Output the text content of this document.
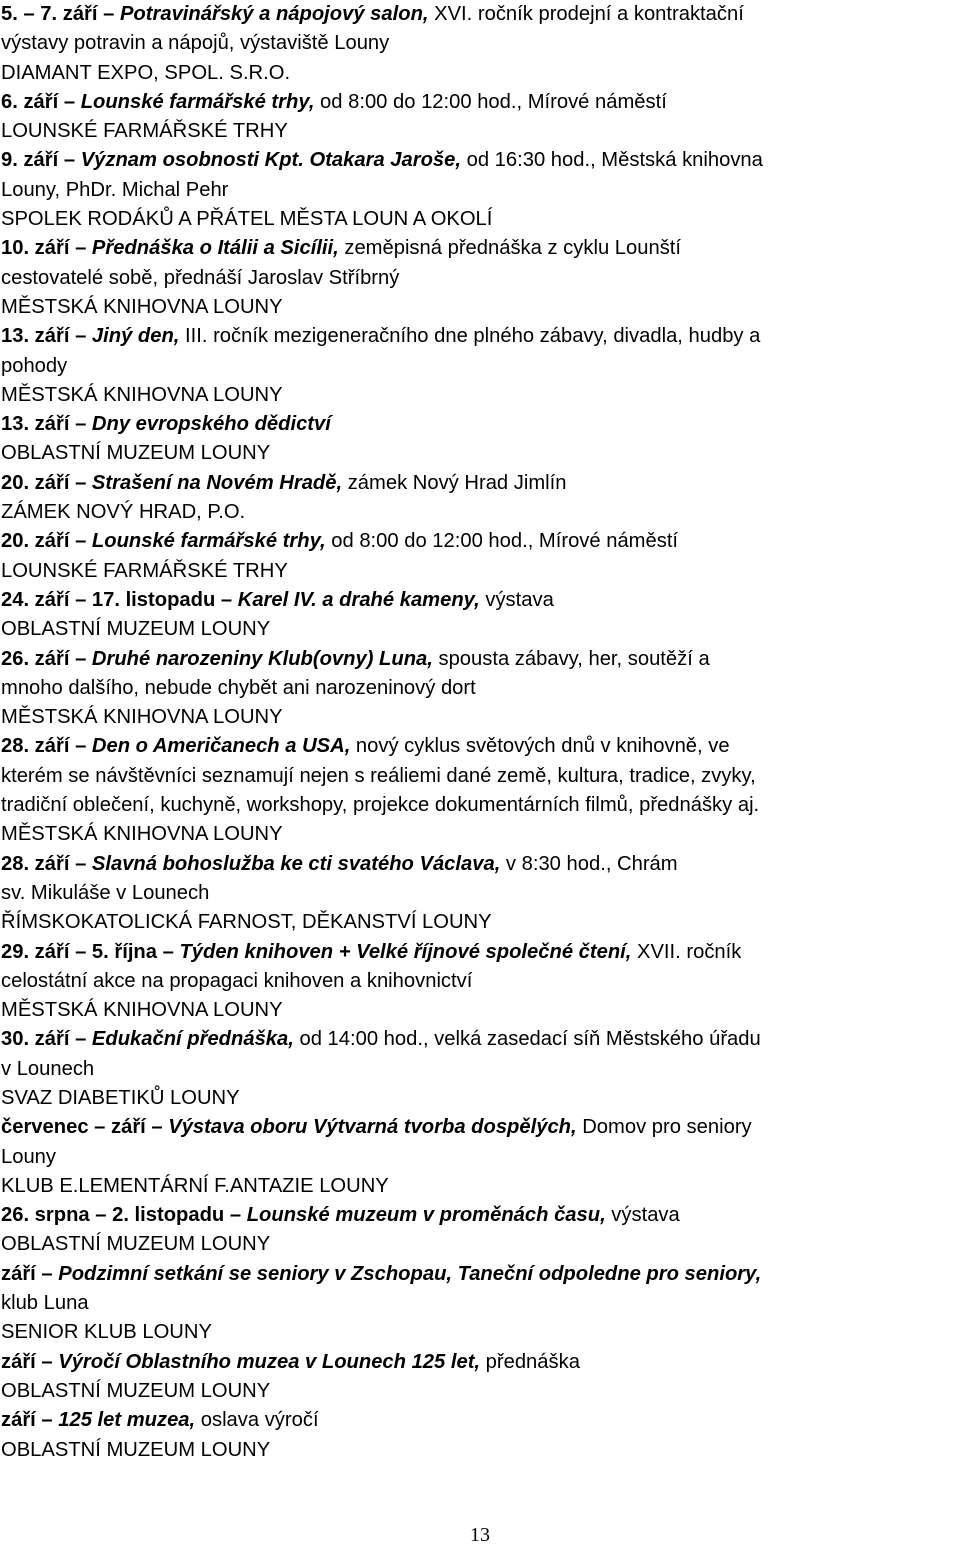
5. – 7. září – Potravinářský a nápojový salon, XVI. ročník prodejní a kontraktační
výstavy potravin a nápojů, výstaviště Louny
DIAMANT EXPO, SPOL. S.R.O.
6. září – Lounské farmářské trhy, od 8:00 do 12:00 hod., Mírové náměstí
LOUNSKÉ FARMÁŘSKÉ TRHY
9. září – Význam osobnosti Kpt. Otakara Jaroše, od 16:30 hod., Městská knihovna
Louny, PhDr. Michal Pehr
SPOLEK RODÁKŮ A PŘÁTEL MĚSTA LOUN A OKOLÍ
10. září – Přednáška o Itálii a Sicílii, zeměpisná přednáška z cyklu Lounští
cestovatelé sobě, přednáší Jaroslav Stříbrný
MĚSTSKÁ KNIHOVNA LOUNY
13. září – Jiný den, III. ročník mezigeneračního dne plného zábavy, divadla, hudby a
pohody
MĚSTSKÁ KNIHOVNA LOUNY
13. září – Dny evropského dědictví
OBLASTNÍ MUZEUM LOUNY
20. září – Strašení na Novém Hradě, zámek Nový Hrad Jimlín
ZÁMEK NOVÝ HRAD, P.O.
20. září – Lounské farmářské trhy, od 8:00 do 12:00 hod., Mírové náměstí
LOUNSKÉ FARMÁŘSKÉ TRHY
24. září – 17. listopadu – Karel IV. a drahé kameny, výstava
OBLASTNÍ MUZEUM LOUNY
26. září – Druhé narozeniny Klub(ovny) Luna, spousta zábavy, her, soutěží a
mnoho dalšího, nebude chybět ani narozeninový dort
MĚSTSKÁ KNIHOVNA LOUNY
28. září – Den o Američanech a USA, nový cyklus světových dnů v knihovně, ve
kterém se návštěvníci seznamují nejen s reáliemi dané země, kultura, tradice, zvyky,
tradiční oblečení, kuchyně, workshopy, projekce dokumentárních filmů, přednášky aj.
MĚSTSKÁ KNIHOVNA LOUNY
28. září – Slavná bohoslužba ke cti svatého Václava, v 8:30 hod., Chrám
sv. Mikuláše v Lounech
ŘÍMSKOKATOLICKÁ FARNOST, DĚKANSTVÍ LOUNY
29. září – 5. října – Týden knihoven + Velké říjnové společné čtení, XVII. ročník
celostátní akce na propagaci knihoven a knihovnictví
MĚSTSKÁ KNIHOVNA LOUNY
30. září – Edukační přednáška, od 14:00 hod., velká zasedací síň Městského úřadu
v Lounech
SVAZ DIABETIKŮ LOUNY
červenec – září – Výstava oboru Výtvarná tvorba dospělých, Domov pro seniory
Louny
KLUB E.LEMENTÁRNÍ F.ANTAZIE LOUNY
26. srpna – 2. listopadu – Lounské muzeum v proměnách času, výstava
OBLASTNÍ MUZEUM LOUNY
září – Podzimní setkání se seniory v Zschopau, Taneční odpoledne pro seniory,
klub Luna
SENIOR KLUB LOUNY
září – Výročí Oblastního muzea v Lounech 125 let, přednáška
OBLASTNÍ MUZEUM LOUNY
září – 125 let muzea, oslava výročí
OBLASTNÍ MUZEUM LOUNY
13
